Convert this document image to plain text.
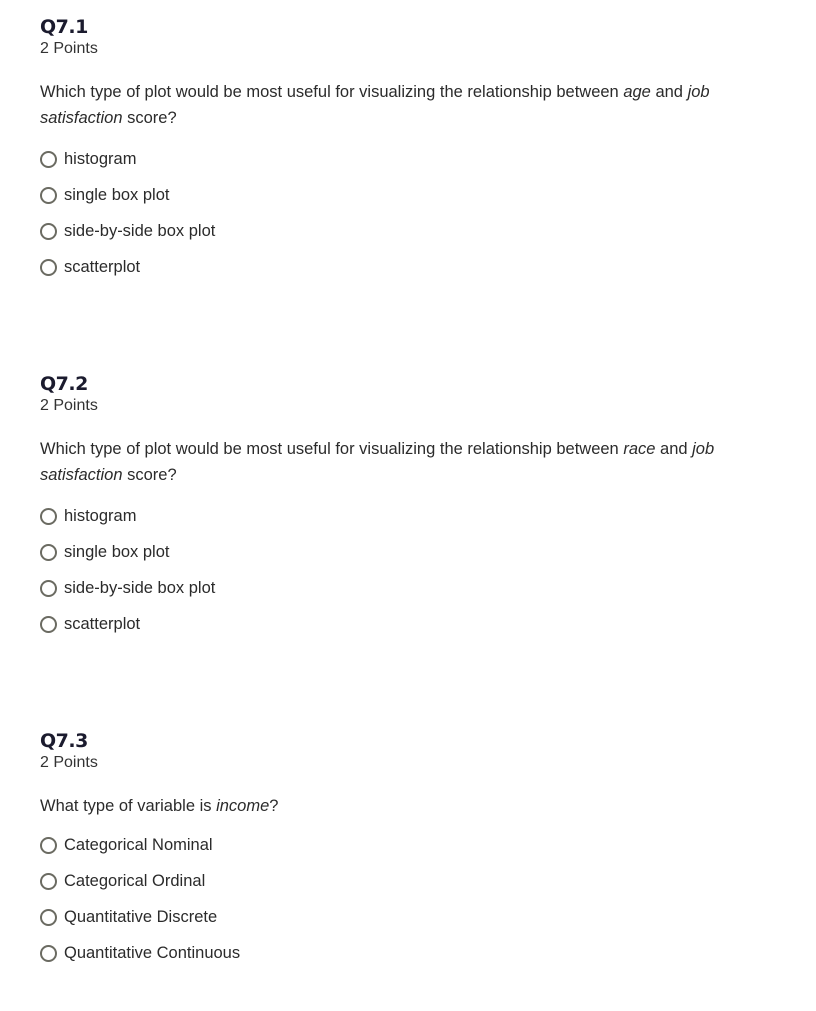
Q7.1
2 Points
Which type of plot would be most useful for visualizing the relationship between age and job satisfaction score?
histogram
single box plot
side-by-side box plot
scatterplot
Q7.2
2 Points
Which type of plot would be most useful for visualizing the relationship between race and job satisfaction score?
histogram
single box plot
side-by-side box plot
scatterplot
Q7.3
2 Points
What type of variable is income?
Categorical Nominal
Categorical Ordinal
Quantitative Discrete
Quantitative Continuous
